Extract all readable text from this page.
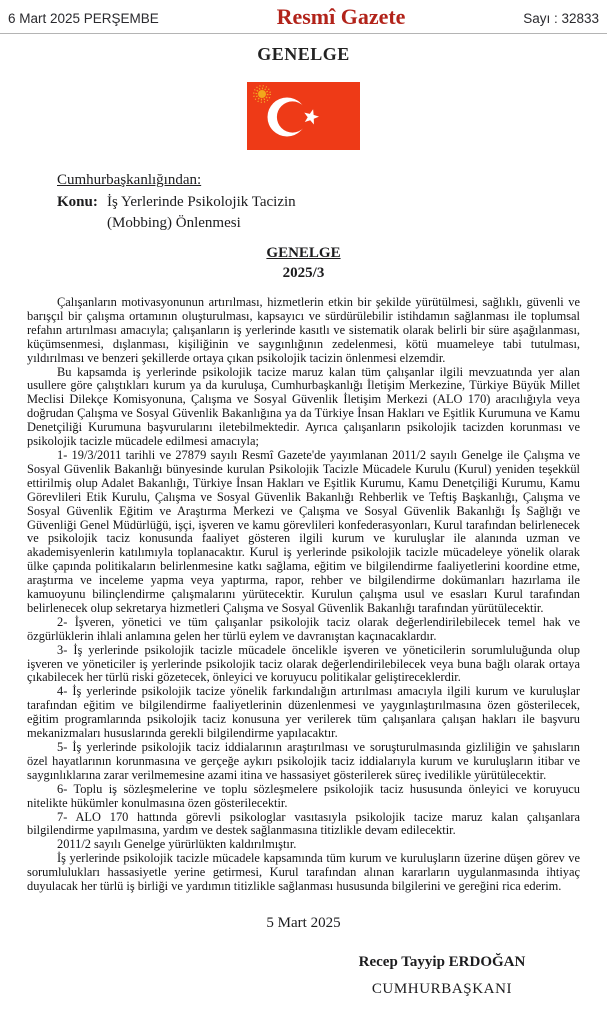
6 Mart 2025 PERŞEMBE	Resmî Gazete	Sayı : 32833
GENELGE
Cumhurbaşkanlığından:
Konu: İş Yerlerinde Psikolojik Tacizin
(Mobbing) Önlenmesi
GENELGE
2025/3

Çalışanların motivasyonunun artırılması, hizmetlerin etkin bir şekilde yürütülmesi, sağlıklı, güvenli ve barışçıl bir çalışma ortamının oluşturulması, kapsayıcı ve sürdürülebilir istihdamın sağlanması ile toplumsal refahın artırılması amacıyla; çalışanların iş yerlerinde kasıtlı ve sistematik olarak belirli bir süre aşağılanması, küçümsenmesi, dışlanması, kişiliğinin ve saygınlığının zedelenmesi, kötü muameleye tabi tutulması, yıldırılması ve benzeri şekillerde ortaya çıkan psikolojik tacizin önlenmesi elzemdir.

Bu kapsamda iş yerlerinde psikolojik tacize maruz kalan tüm çalışanlar ilgili mevzuatında yer alan usullere göre çalıştıkları kurum ya da kuruluşa, Cumhurbaşkanlığı İletişim Merkezine, Türkiye Büyük Millet Meclisi Dilekçe Komisyonuna, Çalışma ve Sosyal Güvenlik İletişim Merkezi (ALO 170) aracılığıyla veya doğrudan Çalışma ve Sosyal Güvenlik Bakanlığına ya da Türkiye İnsan Hakları ve Eşitlik Kurumuna ve Kamu Denetçiliği Kurumuna başvurularını iletebilmektedir. Ayrıca çalışanların psikolojik tacizden korunması ve psikolojik tacizle mücadele edilmesi amacıyla;

1- 19/3/2011 tarihli ve 27879 sayılı Resmî Gazete'de yayımlanan 2011/2 sayılı Genelge ile Çalışma ve Sosyal Güvenlik Bakanlığı bünyesinde kurulan Psikolojik Tacizle Mücadele Kurulu (Kurul) yeniden teşekkül ettirilmiş olup Adalet Bakanlığı, Türkiye İnsan Hakları ve Eşitlik Kurumu, Kamu Denetçiliği Kurumu, Kamu Görevlileri Etik Kurulu, Çalışma ve Sosyal Güvenlik Bakanlığı Rehberlik ve Teftiş Başkanlığı, Çalışma ve Sosyal Güvenlik Eğitim ve Araştırma Merkezi ve Çalışma ve Sosyal Güvenlik Bakanlığı İş Sağlığı ve Güvenliği Genel Müdürlüğü, işçi, işveren ve kamu görevlileri konfederasyonları, Kurul tarafından belirlenecek ve psikolojik taciz konusunda faaliyet gösteren ilgili kurum ve kuruluşlar ile alanında uzman ve akademisyenlerin katılımıyla toplanacaktır. Kurul iş yerlerinde psikolojik tacizle mücadeleye yönelik olarak ülke çapında politikaların belirlenmesine katkı sağlama, eğitim ve bilgilendirme faaliyetlerini koordine etme, araştırma ve inceleme yapma veya yaptırma, rapor, rehber ve bilgilendirme dokümanları hazırlama ile kamuoyunu bilinçlendirme çalışmalarını yürütecektir. Kurulun çalışma usul ve esasları Kurul tarafından belirlenecek olup sekretarya hizmetleri Çalışma ve Sosyal Güvenlik Bakanlığı tarafından yürütülecektir.

2- İşveren, yönetici ve tüm çalışanlar psikolojik taciz olarak değerlendirilebilecek temel hak ve özgürlüklerin ihlali anlamına gelen her türlü eylem ve davranıştan kaçınacaklardır.

3- İş yerlerinde psikolojik tacizle mücadele öncelikle işveren ve yöneticilerin sorumluluğunda olup işveren ve yöneticiler iş yerlerinde psikolojik taciz olarak değerlendirilebilecek veya buna bağlı olarak ortaya çıkabilecek her türlü riski gözetecek, önleyici ve koruyucu politikalar geliştireceklerdir.

4- İş yerlerinde psikolojik tacize yönelik farkındalığın artırılması amacıyla ilgili kurum ve kuruluşlar tarafından eğitim ve bilgilendirme faaliyetlerinin düzenlenmesi ve yaygınlaştırılmasına özen gösterilecek, eğitim programlarında psikolojik taciz konusuna yer verilerek tüm çalışanlara çalışan hakları ile başvuru mekanizmaları hususlarında gerekli bilgilendirme yapılacaktır.

5- İş yerlerinde psikolojik taciz iddialarının araştırılması ve soruşturulmasında gizliliğin ve şahısların özel hayatlarının korunmasına ve gerçeğe aykırı psikolojik taciz iddialarıyla kurum ve kuruluşların itibar ve saygınlıklarına zarar verilmemesine azami itina ve hassasiyet gösterilerek süreç ivedilikle yürütülecektir.

6- Toplu iş sözleşmelerine ve toplu sözleşmelere psikolojik taciz hususunda önleyici ve koruyucu nitelikte hükümler konulmasına özen gösterilecektir.

7- ALO 170 hattında görevli psikologlar vasıtasıyla psikolojik tacize maruz kalan çalışanlara bilgilendirme yapılmasına, yardım ve destek sağlanmasına titizlikle devam edilecektir.

2011/2 sayılı Genelge yürürlükten kaldırılmıştır.

İş yerlerinde psikolojik tacizle mücadele kapsamında tüm kurum ve kuruluşların üzerine düşen görev ve sorumlulukları hassasiyetle yerine getirmesi, Kurul tarafından alınan kararların uygulanmasında ihtiyaç duyulacak her türlü iş birliği ve yardımın titizlikle sağlanması hususunda bilgilerini ve gereğini rica ederim.

5 Mart 2025
Recep Tayyip ERDOĞAN
CUMHURBAŞKANI
